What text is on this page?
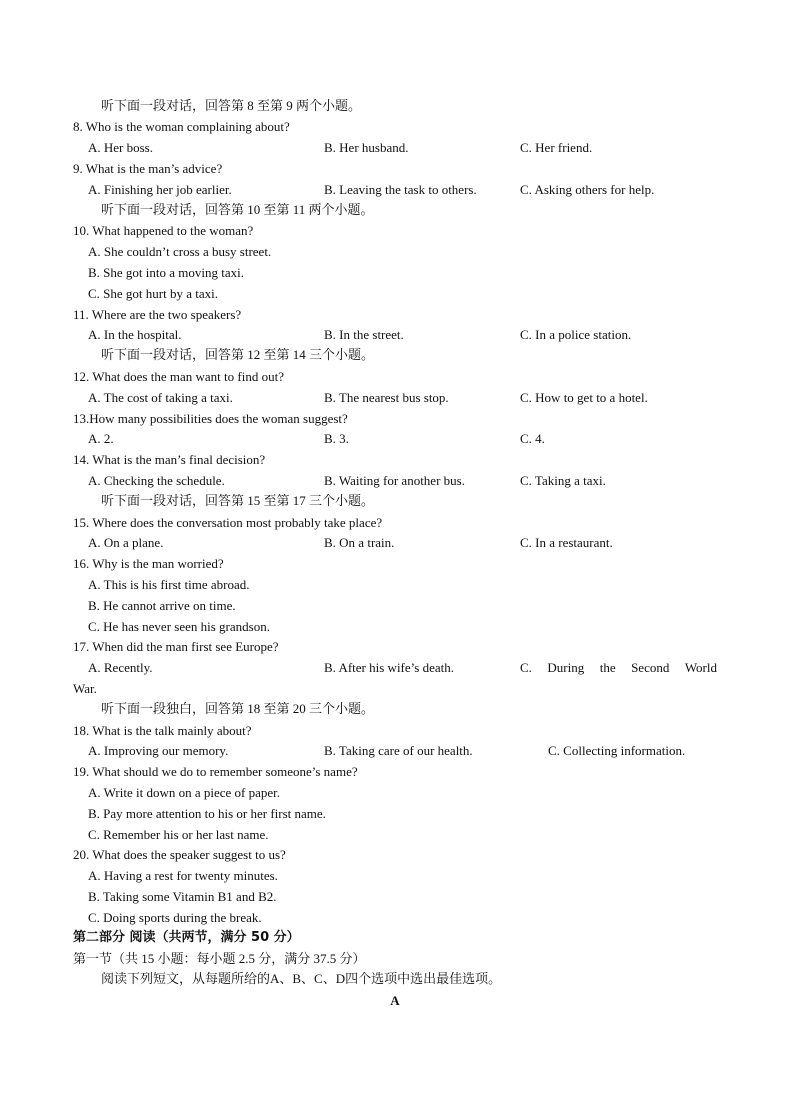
听下面一段对话，回答第 8 至第 9 两个小题。
8. Who is the woman complaining about?
A. Her boss.	B. Her husband.	C. Her friend.
9. What is the man’s advice?
A. Finishing her job earlier.	B. Leaving the task to others.	C. Asking others for help.
听下面一段对话，回答第 10 至第 11 两个小题。
10. What happened to the woman?
A. She couldn’t cross a busy street.
B. She got into a moving taxi.
C. She got hurt by a taxi.
11. Where are the two speakers?
A. In the hospital.	B. In the street.	C. In a police station.
听下面一段对话，回答第 12 至第 14 三个小题。
12. What does the man want to find out?
A. The cost of taking a taxi.	B. The nearest bus stop.	C. How to get to a hotel.
13.How many possibilities does the woman suggest?
A. 2.	B. 3.	C. 4.
14. What is the man’s final decision?
A. Checking the schedule.	B. Waiting for another bus.	C. Taking a taxi.
听下面一段对话，回答第 15 至第 17 三个小题。
15. Where does the conversation most probably take place?
A. On a plane.	B. On a train.	C. In a restaurant.
16. Why is the man worried?
A. This is his first time abroad.
B. He cannot arrive on time.
C. He has never seen his grandson.
17. When did the man first see Europe?
A. Recently.	B. After his wife’s death.	C. During the Second World
War.
听下面一段独白，回答第 18 至第 20 三个小题。
18. What is the talk mainly about?
A. Improving our memory.	B. Taking care of our health.	C. Collecting information.
19. What should we do to remember someone’s name?
A. Write it down on a piece of paper.
B. Pay more attention to his or her first name.
C. Remember his or her last name.
20. What does the speaker suggest to us?
A. Having a rest for twenty minutes.
B. Taking some Vitamin B1 and B2.
C. Doing sports during the break.
第二部分 阅读（共两节，满分 50 分）
第一节（共 15 小题：每小题 2.5 分，满分 37.5 分）
阅读下列短文，从每题所给的A、B、C、D四个选项中选出最佳选项。
A
